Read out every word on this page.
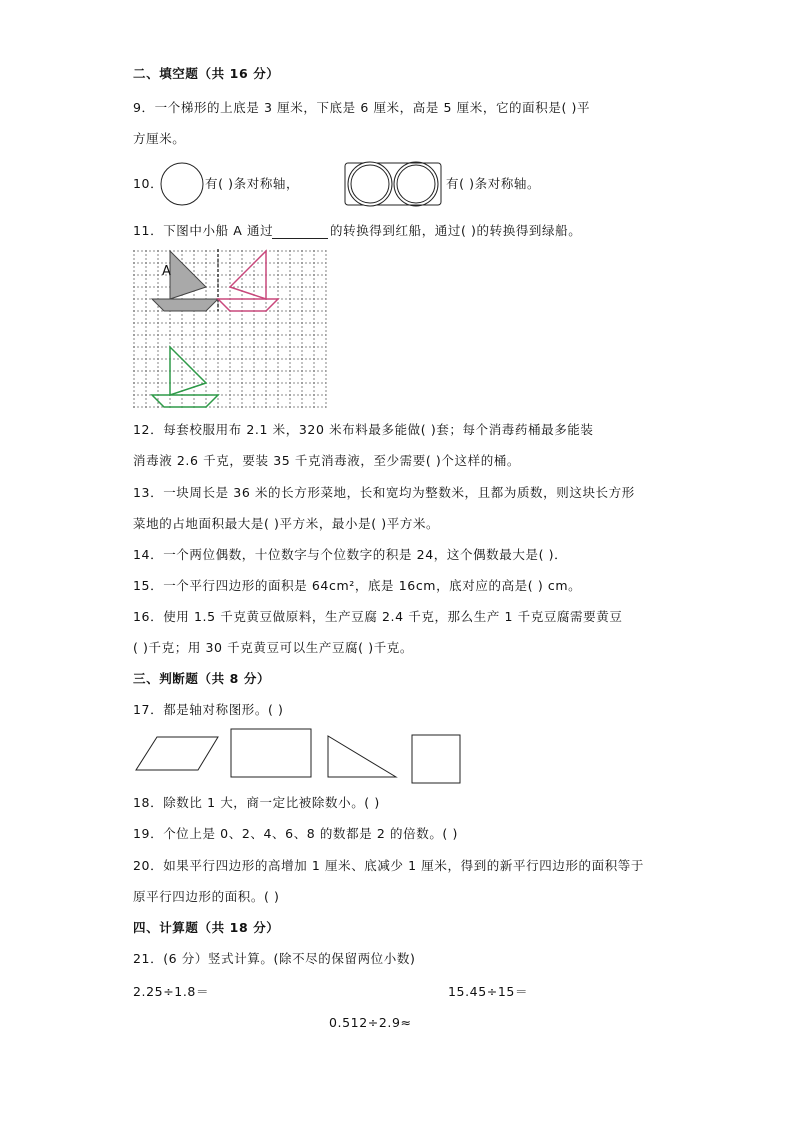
二、填空题（共 16 分）
9．一个梯形的上底是 3 厘米，下底是 6 厘米，高是 5 厘米，它的面积是( )平
方厘米。
10．	有( )条对称轴，	有( )条对称轴。
11．下图中小船 A 通过	的转换得到红船，通过( )的转换得到绿船。
A
12．每套校服用布 2.1 米，320 米布料最多能做( )套；每个消毒药桶最多能装
消毒液 2.6 千克，要装 35 千克消毒液，至少需要( )个这样的桶。
13．一块周长是 36 米的长方形菜地，长和宽均为整数米，且都为质数，则这块长方形
菜地的占地面积最大是( )平方米，最小是( )平方米。
14．一个两位偶数，十位数字与个位数字的积是 24，这个偶数最大是( )．
15．一个平行四边形的面积是 64cm²，底是 16cm，底对应的高是( ) cm。
16．使用 1.5 千克黄豆做原料，生产豆腐 2.4 千克，那么生产 1 千克豆腐需要黄豆
( )千克；用 30 千克黄豆可以生产豆腐( )千克。
三、判断题（共 8 分）
17．都是轴对称图形。( )
18．除数比 1 大，商一定比被除数小。( )
19．个位上是 0、2、4、6、8 的数都是 2 的倍数。( )
20．如果平行四边形的高增加 1 厘米、底减少 1 厘米，得到的新平行四边形的面积等于
原平行四边形的面积。( )
四、计算题（共 18 分）
21．(6 分）竖式计算。(除不尽的保留两位小数)
2.25÷1.8＝	15.45÷15＝
0.512÷2.9≈
